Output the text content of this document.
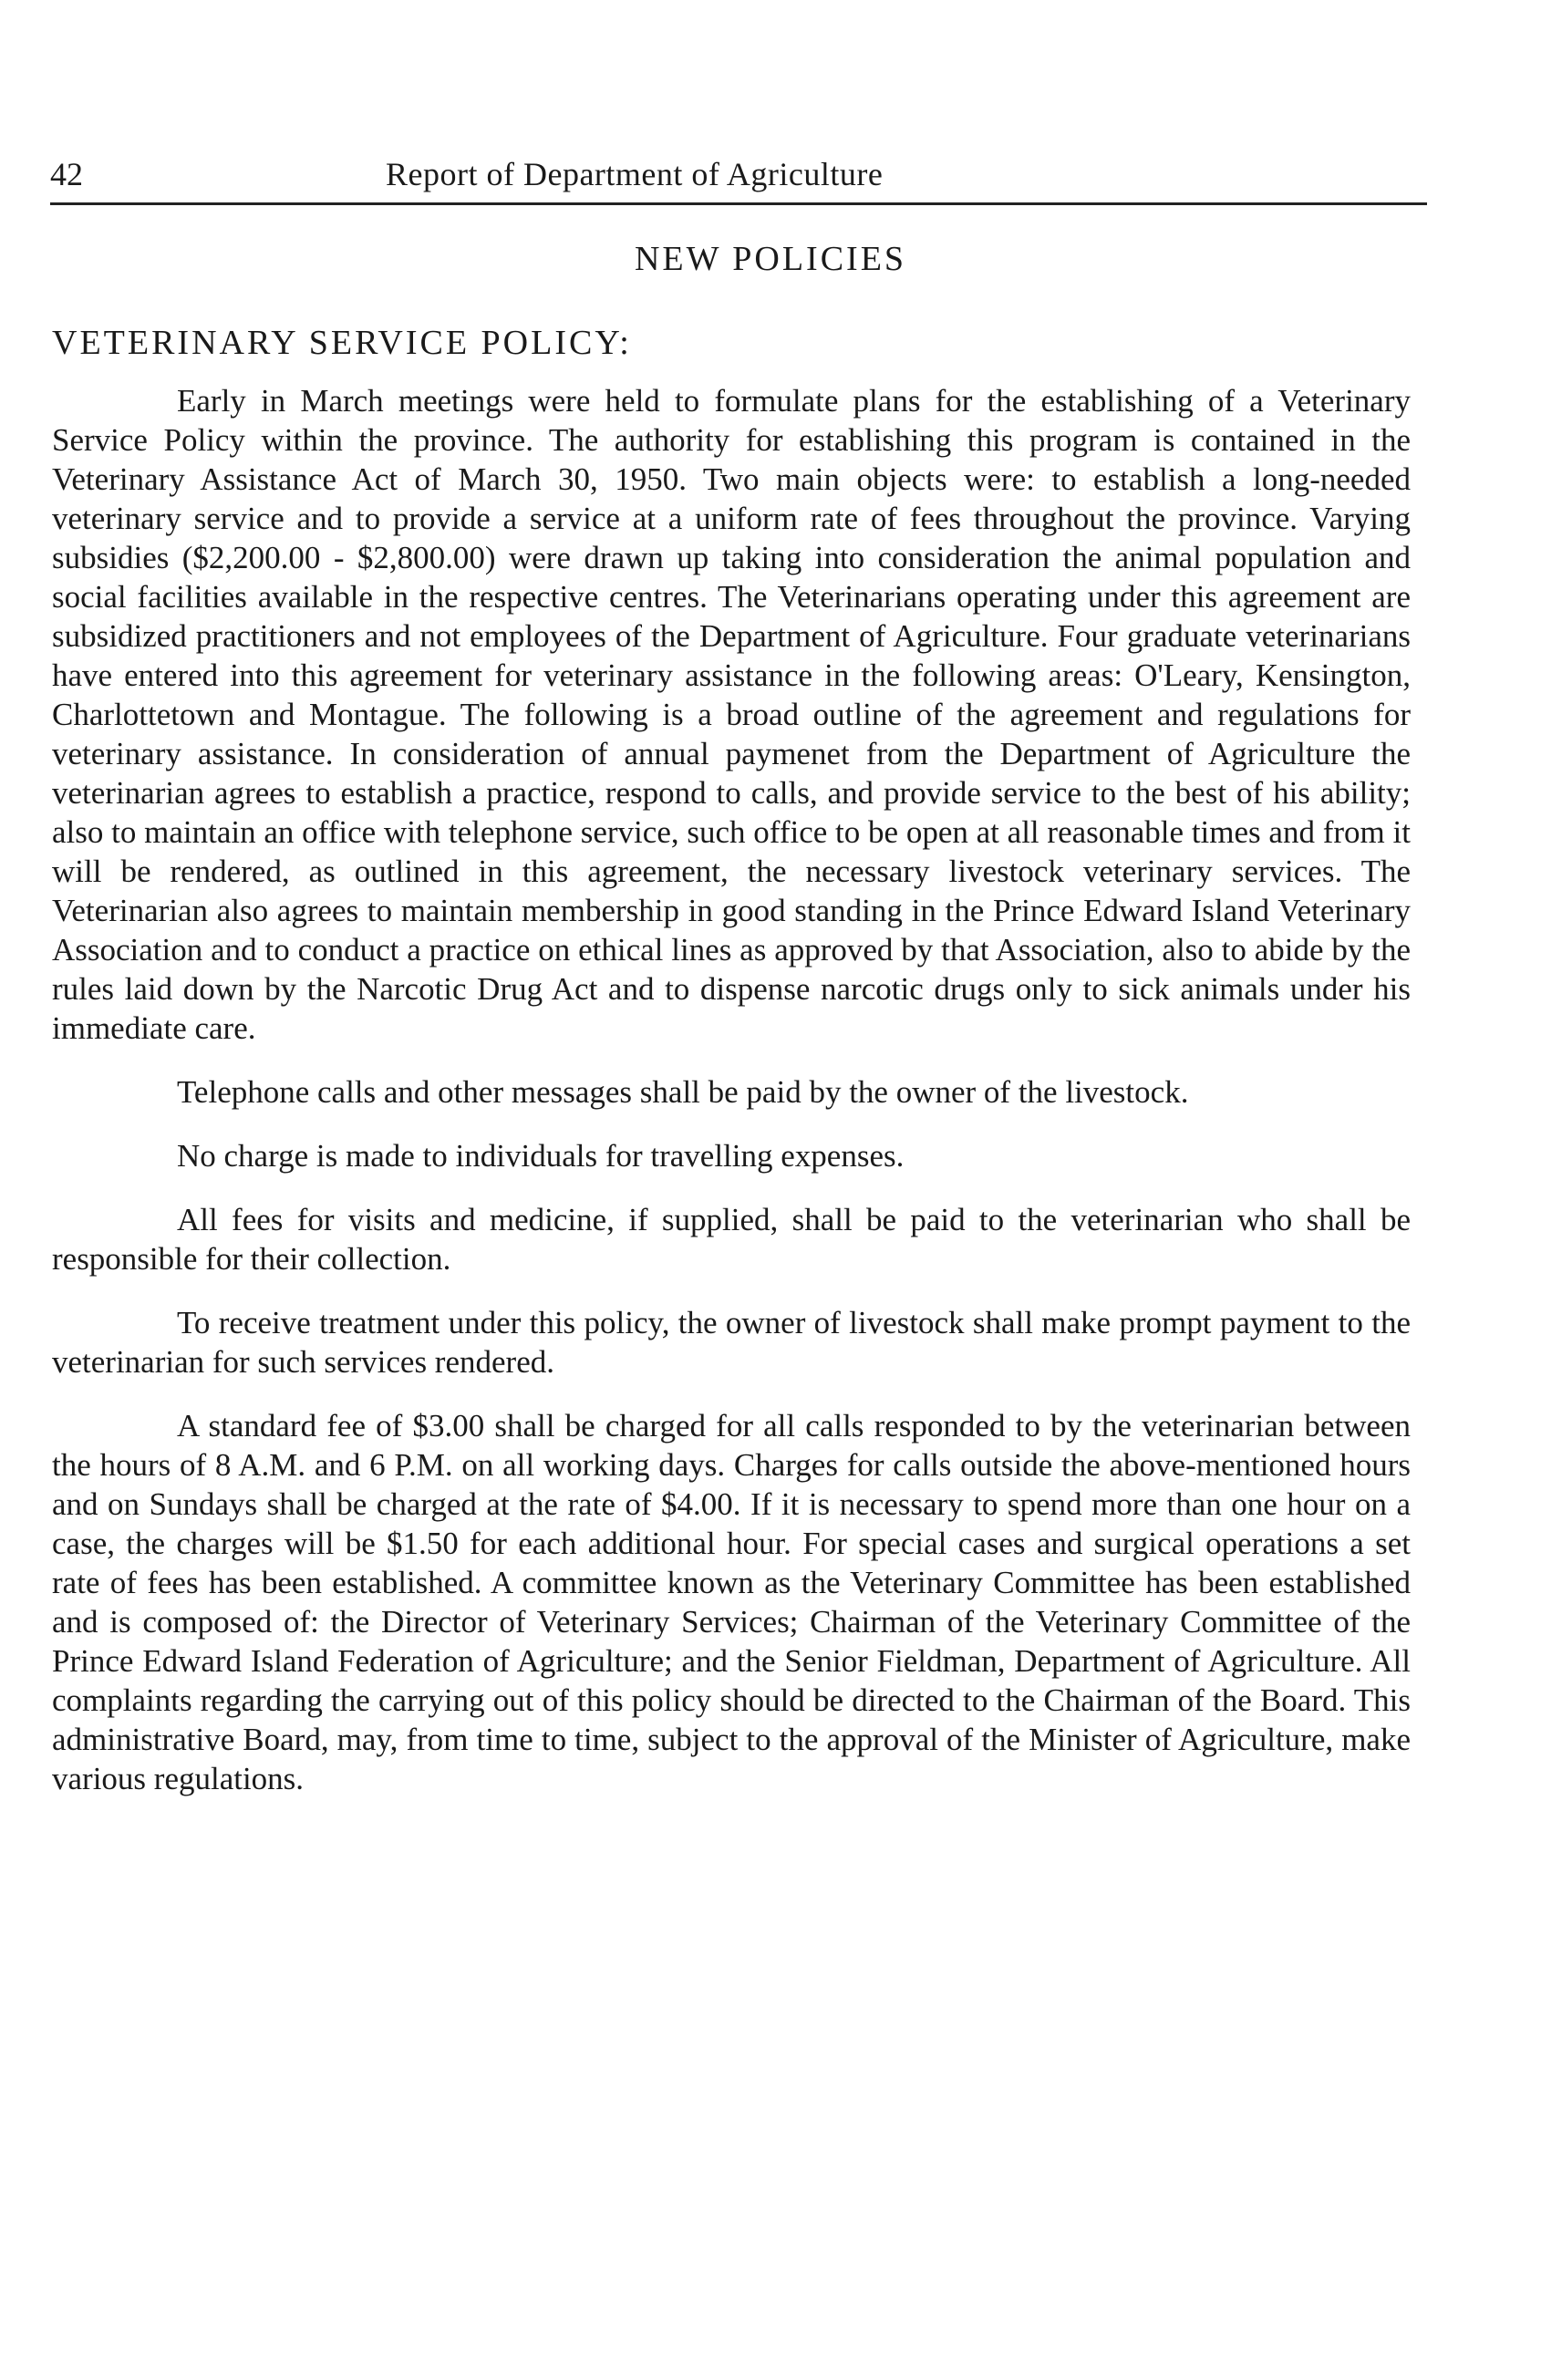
42	Report of Department of Agriculture
NEW POLICIES
VETERINARY SERVICE POLICY:

Early in March meetings were held to formulate plans for the establishing of a Veterinary Service Policy within the province. The authority for establishing this program is contained in the Veterinary Assistance Act of March 30, 1950. Two main objects were: to establish a long-needed veterinary service and to provide a service at a uniform rate of fees throughout the province. Varying subsidies ($2,200.00 - $2,800.00) were drawn up taking into consideration the animal population and social facilities available in the respective centres. The Veterinarians operating under this agreement are subsidized practitioners and not employees of the Department of Agriculture. Four graduate veterinarians have entered into this agreement for veterinary assistance in the following areas: O'Leary, Kensington, Charlottetown and Montague. The following is a broad outline of the agreement and regulations for veterinary assistance. In consideration of annual paymenet from the Department of Agriculture the veterinarian agrees to establish a practice, respond to calls, and provide service to the best of his ability; also to maintain an office with telephone service, such office to be open at all reasonable times and from it will be rendered, as outlined in this agreement, the necessary livestock veterinary services. The Veterinarian also agrees to maintain membership in good standing in the Prince Edward Island Veterinary Association and to conduct a practice on ethical lines as approved by that Association, also to abide by the rules laid down by the Narcotic Drug Act and to dispense narcotic drugs only to sick animals under his immediate care.

Telephone calls and other messages shall be paid by the owner of the livestock.

No charge is made to individuals for travelling expenses.

All fees for visits and medicine, if supplied, shall be paid to the veterinarian who shall be responsible for their collection.

To receive treatment under this policy, the owner of livestock shall make prompt payment to the veterinarian for such services rendered.

A standard fee of $3.00 shall be charged for all calls responded to by the veterinarian between the hours of 8 A.M. and 6 P.M. on all working days. Charges for calls outside the above-mentioned hours and on Sundays shall be charged at the rate of $4.00. If it is necessary to spend more than one hour on a case, the charges will be $1.50 for each additional hour. For special cases and surgical operations a set rate of fees has been established. A committee known as the Veterinary Committee has been established and is composed of: the Director of Veterinary Services; Chairman of the Veterinary Committee of the Prince Edward Island Federation of Agriculture; and the Senior Fieldman, Department of Agriculture. All complaints regarding the carrying out of this policy should be directed to the Chairman of the Board. This administrative Board, may, from time to time, subject to the approval of the Minister of Agriculture, make various regulations.
